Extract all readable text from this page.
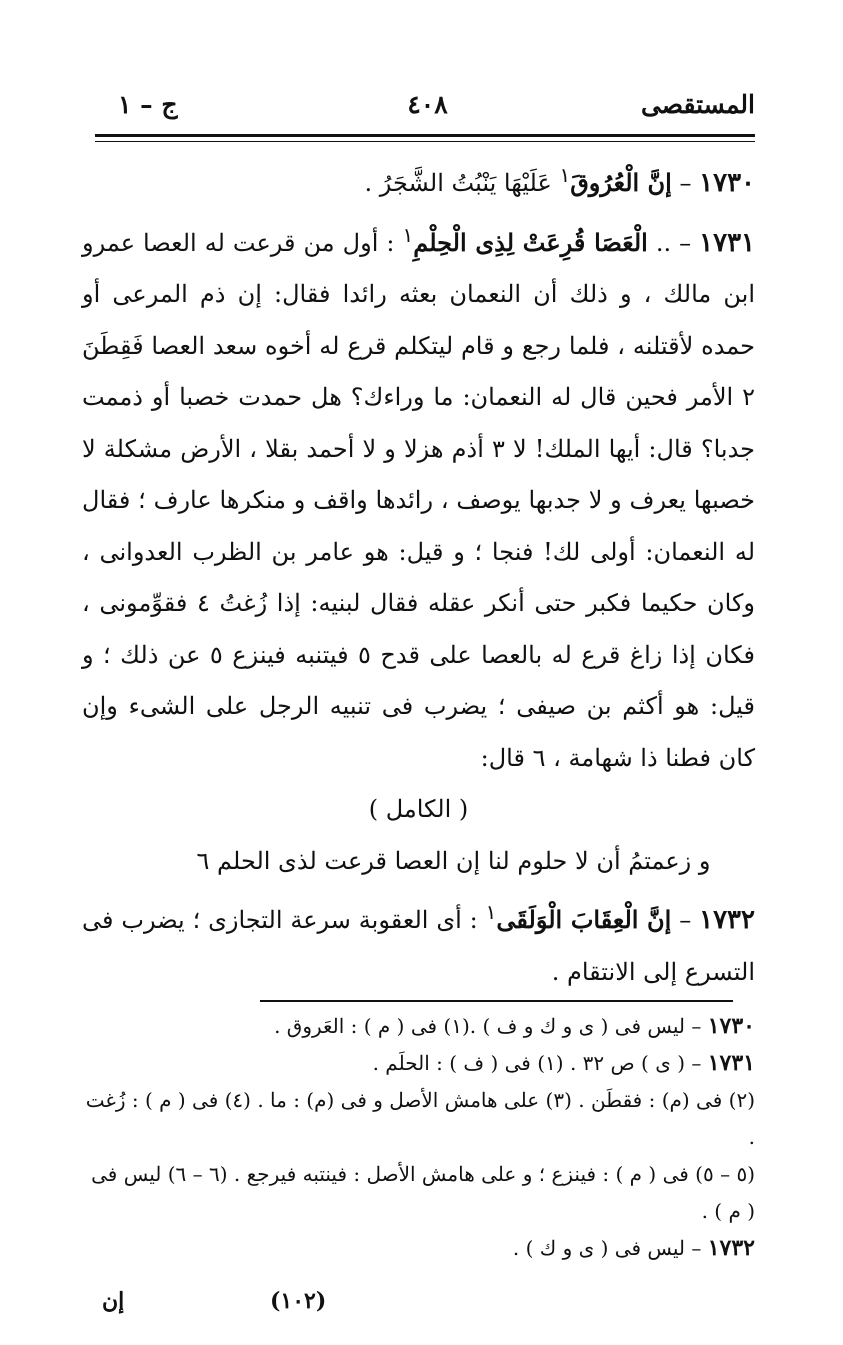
المستقصى
٤٠٨
ج – ١

١٧٣٠ – إنَّ الْعُرُوقَ$^١$ عَلَيْهَا يَنْبُتُ الشَّجَرُ .

١٧٣١ – .. الْعَصَا قُرِعَتْ لِذِى الْحِلْمِ$^١$ : أول من قرعت له العصا عمرو ابن مالك ، و ذلك أن النعمان بعثه رائدا فقال: إن ذم المرعى أو حمده لأقتلنه ، فلما رجع و قام ليتكلم قرع له أخوه سعد العصا فَقِطَنَ ٢ الأمر فحين قال له النعمان: ما وراءك؟ هل حمدت خصبا أو ذممت جدبا؟ قال: أيها الملك! لا ٣ أذم هزلا و لا أحمد بقلا ، الأرض مشكلة لا خصبها يعرف و لا جدبها يوصف ، رائدها واقف و منكرها عارف ؛ فقال له النعمان: أولى لك! فنجا ؛ و قيل: هو عامر بن الظرب العدوانى ، وكان حكيما فكبر حتى أنكر عقله فقال لبنيه: إذا زُغتُ ٤ فقوِّمونى ، فكان إذا زاغ قرع له بالعصا على قدح ٥ فيتنبه فينزع ٥ عن ذلك ؛ و قيل: هو أكثم بن صيفى ؛ يضرب فى تنبيه الرجل على الشىء وإن كان فطنا ذا شهامة ، ٦ قال:

( الكامل )

و زعمتمُ أن لا حلوم لنا إن العصا قرعت لذى الحلم ٦

١٧٣٢ – إنَّ الْعِقَابَ الْوَلَقَى$^١$ : أى العقوبة سرعة التجازى ؛ يضرب فى التسرع إلى الانتقام .

١٧٣٠ – ليس فى ( ى و ك و ف ) .(١) فى ( م ) : العَروق .

١٧٣١ – ( ى ) ص ٣٢ . (١) فى ( ف ) : الحلَم .

(٢) فى (م) : فقطَن . (٣) على هامش الأصل و فى (م) : ما . (٤) فى ( م ) : زُغت .

(٥ – ٥) فى ( م ) : فينزع ؛ و على هامش الأصل : فينتبه فيرجع . (٦ – ٦) ليس فى ( م ) .

١٧٣٢ – ليس فى ( ى و ك ) .

(١٠٢)
إن
